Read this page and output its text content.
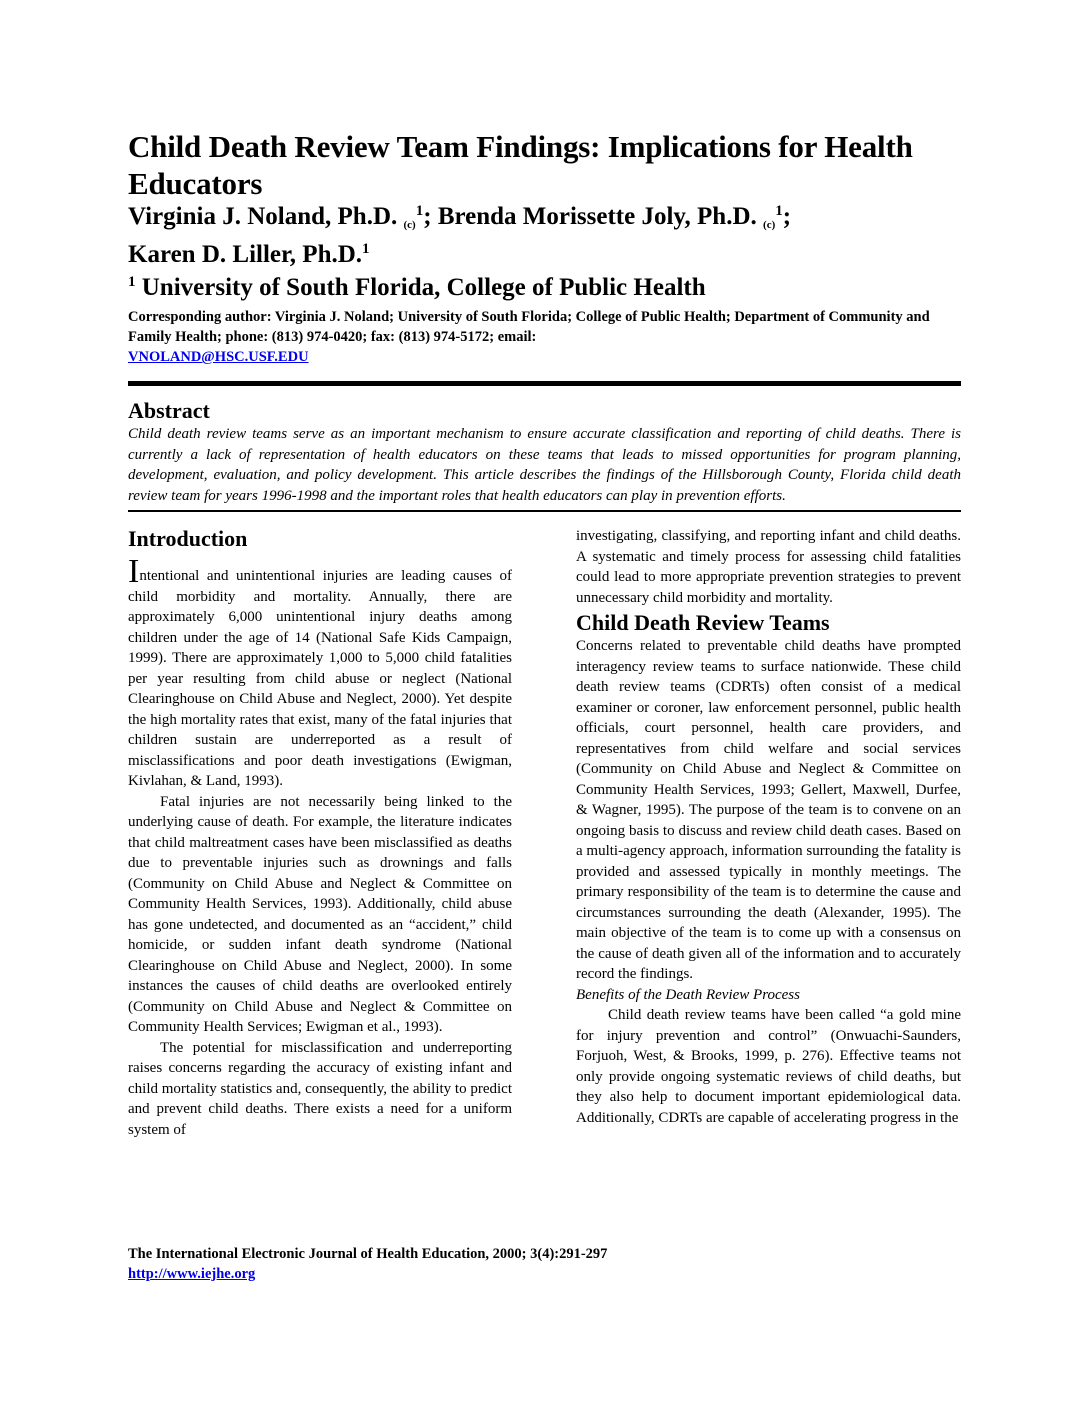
Child Death Review Team Findings: Implications for Health Educators
Virginia J. Noland, Ph.D. $_{(c)}^1$; Brenda Morissette Joly, Ph.D. $_{(c)}^1$;
Karen D. Liller, Ph.D.$^1$
$^1$ University of South Florida, College of Public Health
Corresponding author: Virginia J. Noland; University of South Florida; College of Public Health; Department of Community and Family Health; phone: (813) 974-0420; fax: (813) 974-5172; email:
VNOLAND@HSC.USF.EDU
Abstract

Child death review teams serve as an important mechanism to ensure accurate classification and reporting of child deaths. There is currently a lack of representation of health educators on these teams that leads to missed opportunities for program planning, development, evaluation, and policy development. This article describes the findings of the Hillsborough County, Florida child death review team for years 1996-1998 and the important roles that health educators can play in prevention efforts.

Introduction

Intentional and unintentional injuries are leading causes of child morbidity and mortality. Annually, there are approximately 6,000 unintentional injury deaths among children under the age of 14 (National Safe Kids Campaign, 1999). There are approximately 1,000 to 5,000 child fatalities per year resulting from child abuse or neglect (National Clearinghouse on Child Abuse and Neglect, 2000). Yet despite the high mortality rates that exist, many of the fatal injuries that children sustain are underreported as a result of misclassifications and poor death investigations (Ewigman, Kivlahan, & Land, 1993).

Fatal injuries are not necessarily being linked to the underlying cause of death. For example, the literature indicates that child maltreatment cases have been misclassified as deaths due to preventable injuries such as drownings and falls (Community on Child Abuse and Neglect & Committee on Community Health Services, 1993). Additionally, child abuse has gone undetected, and documented as an “accident,” child homicide, or sudden infant death syndrome (National Clearinghouse on Child Abuse and Neglect, 2000). In some instances the causes of child deaths are overlooked entirely (Community on Child Abuse and Neglect & Committee on Community Health Services; Ewigman et al., 1993).

The potential for misclassification and underreporting raises concerns regarding the accuracy of existing infant and child mortality statistics and, consequently, the ability to predict and prevent child deaths. There exists a need for a uniform system of

investigating, classifying, and reporting infant and child deaths. A systematic and timely process for assessing child fatalities could lead to more appropriate prevention strategies to prevent unnecessary child morbidity and mortality.

Child Death Review Teams

Concerns related to preventable child deaths have prompted interagency review teams to surface nationwide. These child death review teams (CDRTs) often consist of a medical examiner or coroner, law enforcement personnel, public health officials, court personnel, health care providers, and representatives from child welfare and social services (Community on Child Abuse and Neglect & Committee on Community Health Services, 1993; Gellert, Maxwell, Durfee, & Wagner, 1995). The purpose of the team is to convene on an ongoing basis to discuss and review child death cases. Based on a multi-agency approach, information surrounding the fatality is provided and assessed typically in monthly meetings. The primary responsibility of the team is to determine the cause and circumstances surrounding the death (Alexander, 1995). The main objective of the team is to come up with a consensus on the cause of death given all of the information and to accurately record the findings.

Benefits of the Death Review Process

Child death review teams have been called “a gold mine for injury prevention and control” (Onwuachi-Saunders, Forjuoh, West, & Brooks, 1999, p. 276). Effective teams not only provide ongoing systematic reviews of child deaths, but they also help to document important epidemiological data. Additionally, CDRTs are capable of accelerating progress in the

The International Electronic Journal of Health Education, 2000; 3(4):291-297
http://www.iejhe.org
